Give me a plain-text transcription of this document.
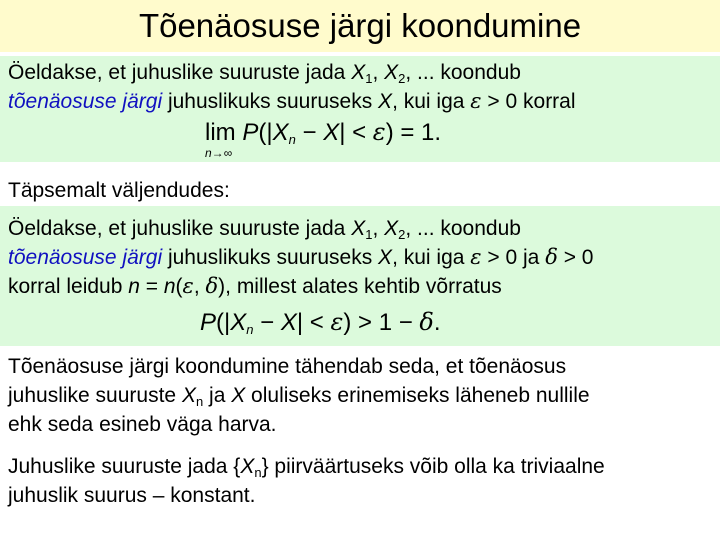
Tõenäosuse järgi koondumine
Öeldakse, et juhuslike suuruste jada $X_1$, $X_2$, ... koondub
tõenäosuse järgi juhuslikuks suuruseks X, kui iga ε > 0 korral
$\lim P(|X_n - X| < \varepsilon) = 1$.
n→∞
Täpsemalt väljendudes:
Öeldakse, et juhuslike suuruste jada $X_1$, $X_2$, ... koondub
tõenäosuse järgi juhuslikuks suuruseks X, kui iga ε > 0 ja δ > 0
korral leidub n = n(ε, δ), millest alates kehtib võrratus
$P(|X_n - X| < \varepsilon) > 1 - \delta$.
Tõenäosuse järgi koondumine tähendab seda, et tõenäosus
juhuslike suuruste $X_n$ ja X oluliseks erinemiseks läheneb nullile
ehk seda esineb väga harva.
Juhuslike suuruste jada $\{X_n\}$ piirväärtuseks võib olla ka triviaalne
juhuslik suurus – konstant.
